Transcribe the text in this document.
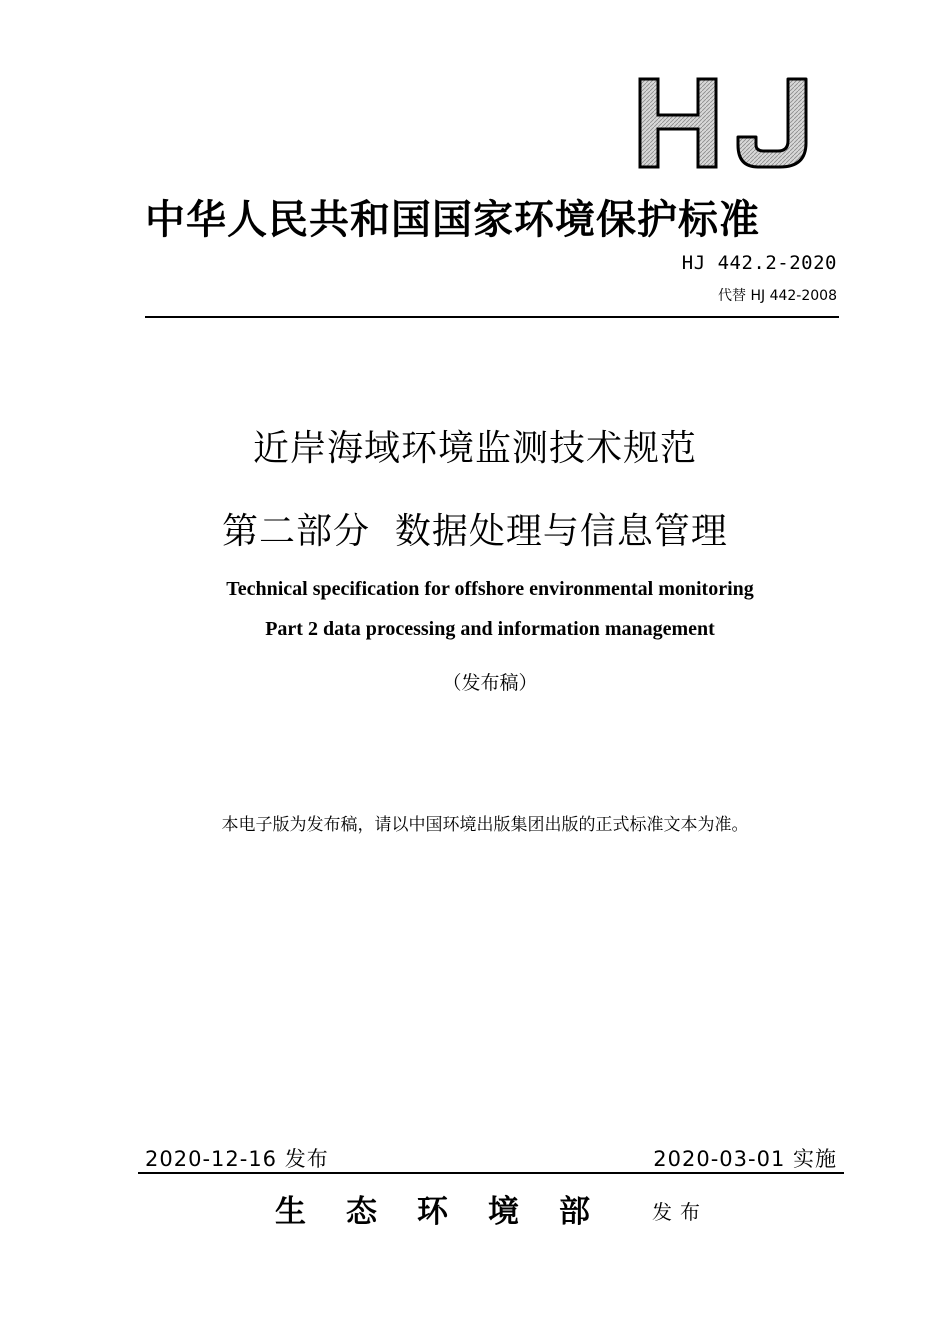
中华人民共和国国家环境保护标准
HJ 442.2-2020
代替 HJ 442-2008
近岸海域环境监测技术规范
第二部分  数据处理与信息管理
Technical specification for offshore environmental monitoring
Part 2 data processing and information management
（发布稿）
本电子版为发布稿，请以中国环境出版集团出版的正式标准文本为准。
2020-12-16 发布	2020-03-01 实施
生态环境部 发布
